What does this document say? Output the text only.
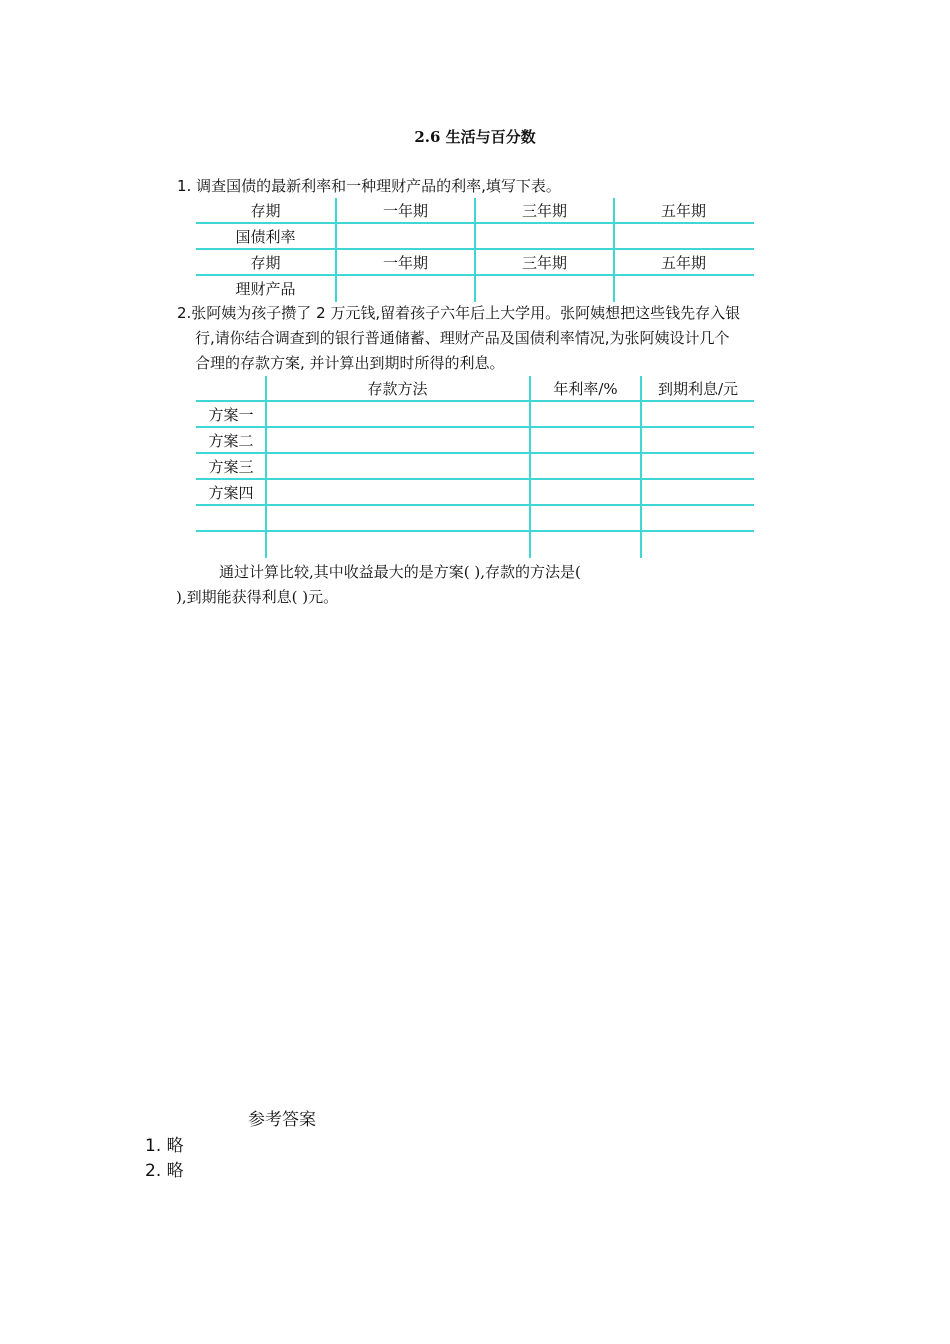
2.6 生活与百分数
1. 调查国债的最新利率和一种理财产品的利率,填写下表。
存期	一年期	三年期	五年期
国债利率
存期	一年期	三年期	五年期
理财产品
2.张阿姨为孩子攒了 2 万元钱,留着孩子六年后上大学用。张阿姨想把这些钱先存入银
行,请你结合调查到的银行普通储蓄、理财产品及国债利率情况,为张阿姨设计几个
合理的存款方案, 并计算出到期时所得的利息。
存款方法	年利率/%	到期利息/元
方案一
方案二
方案三
方案四
通过计算比较,其中收益最大的是方案( ),存款的方法是(
),到期能获得利息( )元。
参考答案
1. 略
2. 略
